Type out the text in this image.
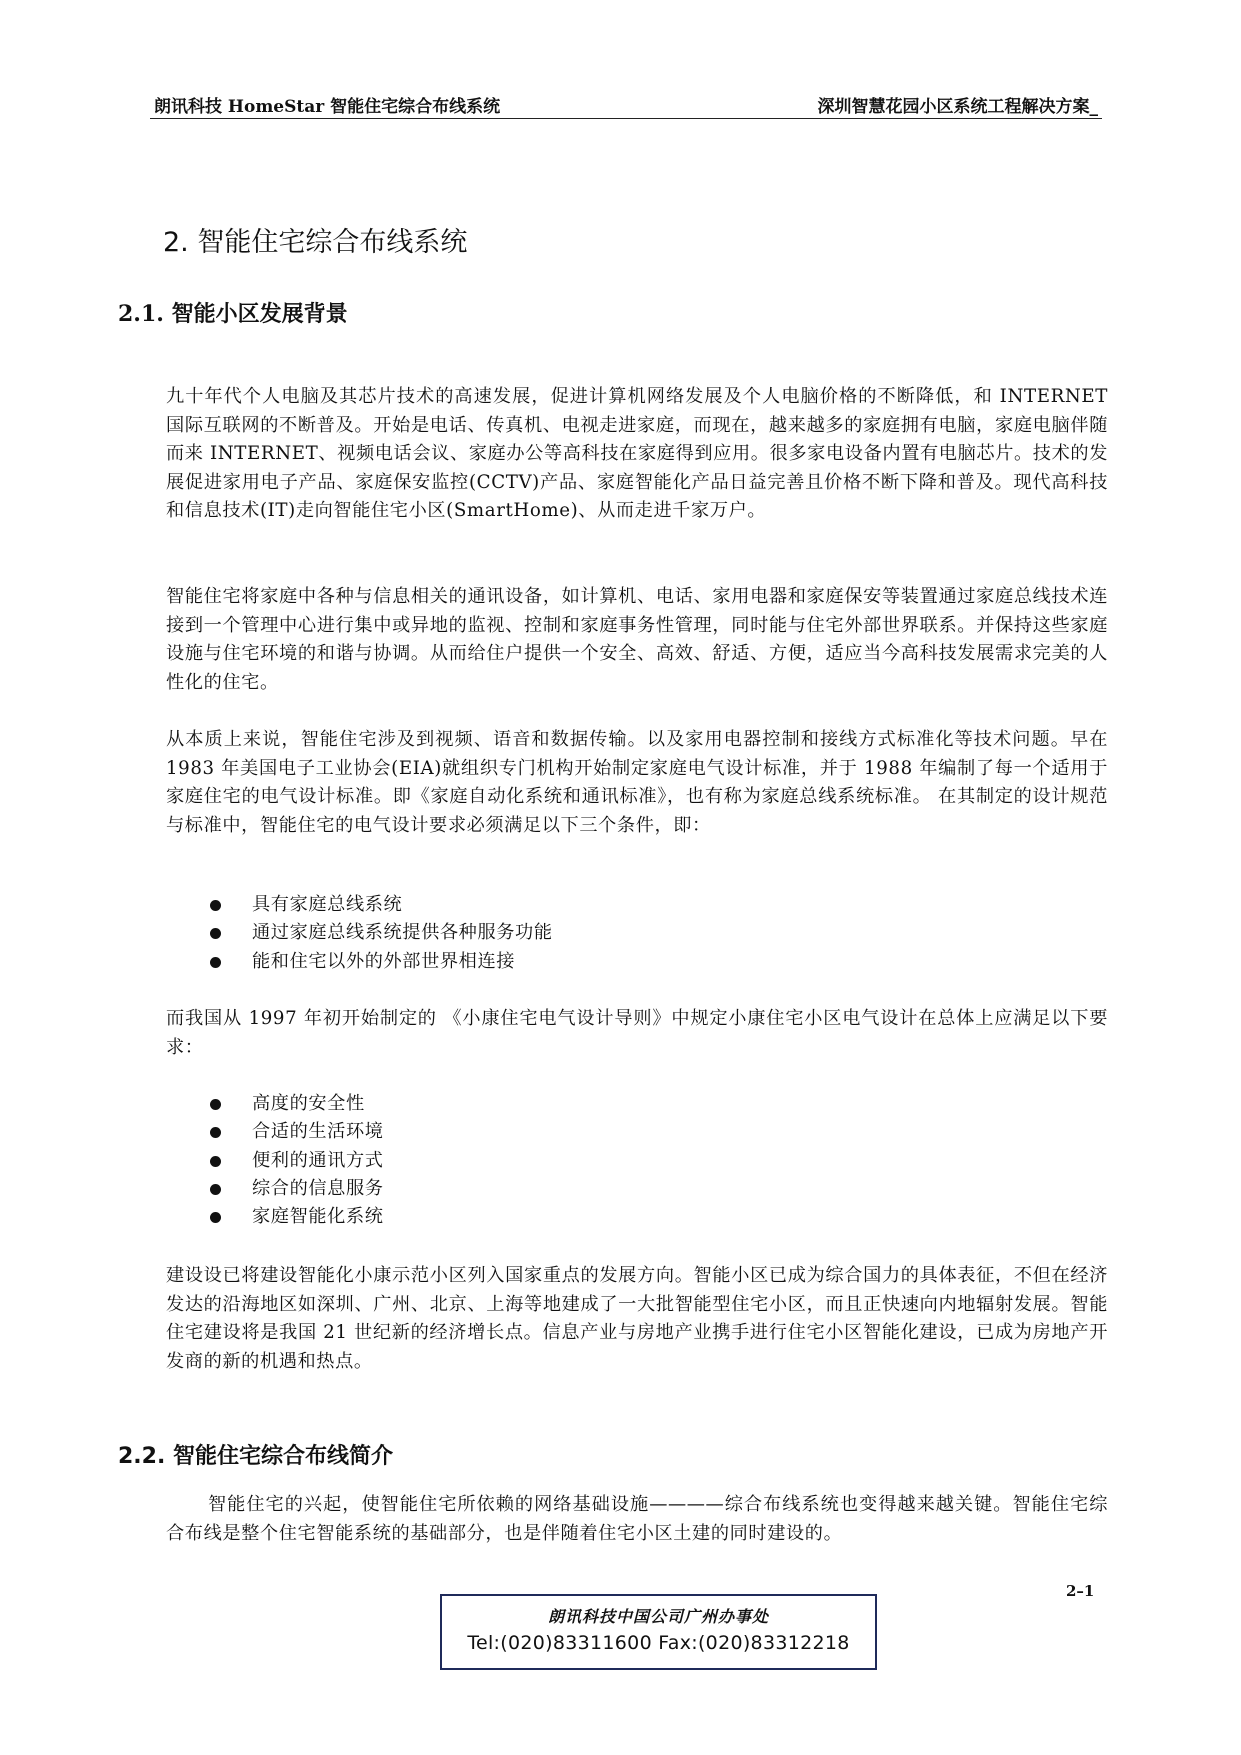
朗讯科技 HomeStar 智能住宅综合布线系统	深圳智慧花园小区系统工程解决方案_
2. 智能住宅综合布线系统
2.1. 智能小区发展背景
九十年代个人电脑及其芯片技术的高速发展，促进计算机网络发展及个人电脑价格的不断降低，和 INTERNET 国际互联网的不断普及。开始是电话、传真机、电视走进家庭，而现在，越来越多的家庭拥有电脑，家庭电脑伴随而来 INTERNET、视频电话会议、家庭办公等高科技在家庭得到应用。很多家电设备内置有电脑芯片。技术的发展促进家用电子产品、家庭保安监控(CCTV)产品、家庭智能化产品日益完善且价格不断下降和普及。现代高科技和信息技术(IT)走向智能住宅小区(SmartHome)、从而走进千家万户。
智能住宅将家庭中各种与信息相关的通讯设备，如计算机、电话、家用电器和家庭保安等装置通过家庭总线技术连接到一个管理中心进行集中或异地的监视、控制和家庭事务性管理，同时能与住宅外部世界联系。并保持这些家庭设施与住宅环境的和谐与协调。从而给住户提供一个安全、高效、舒适、方便，适应当今高科技发展需求完美的人性化的住宅。
从本质上来说，智能住宅涉及到视频、语音和数据传输。以及家用电器控制和接线方式标准化等技术问题。早在 1983 年美国电子工业协会(EIA)就组织专门机构开始制定家庭电气设计标准，并于 1988 年编制了每一个适用于家庭住宅的电气设计标准。即《家庭自动化系统和通讯标准》，也有称为家庭总线系统标准。 在其制定的设计规范与标准中，智能住宅的电气设计要求必须满足以下三个条件，即：
具有家庭总线系统
通过家庭总线系统提供各种服务功能
能和住宅以外的外部世界相连接
而我国从 1997 年初开始制定的 《小康住宅电气设计导则》中规定小康住宅小区电气设计在总体上应满足以下要求：
高度的安全性
合适的生活环境
便利的通讯方式
综合的信息服务
家庭智能化系统
建设设已将建设智能化小康示范小区列入国家重点的发展方向。智能小区已成为综合国力的具体表征，不但在经济发达的沿海地区如深圳、广州、北京、上海等地建成了一大批智能型住宅小区，而且正快速向内地辐射发展。智能住宅建设将是我国 21 世纪新的经济增长点。信息产业与房地产业携手进行住宅小区智能化建设，已成为房地产开发商的新的机遇和热点。
2.2. 智能住宅综合布线简介
智能住宅的兴起，使智能住宅所依赖的网络基础设施————综合布线系统也变得越来越关键。智能住宅综合布线是整个住宅智能系统的基础部分，也是伴随着住宅小区土建的同时建设的。
2–1
朗讯科技中国公司广州办事处
Tel:(020)83311600 Fax:(020)83312218
